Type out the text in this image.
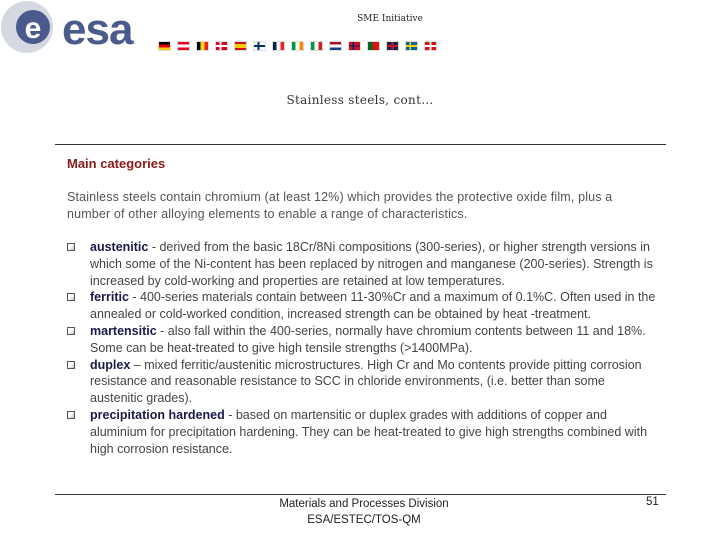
e esa	SME Initiative
Stainless steels, cont…
Main categories
Stainless steels contain chromium (at least 12%) which provides the protective oxide film, plus a number of other alloying elements to enable a range of characteristics.
austenitic - derived from the basic 18Cr/8Ni compositions (300-series), or higher strength versions in which some of the Ni-content has been replaced by nitrogen and manganese (200-series). Strength is increased by cold-working and properties are retained at low temperatures.
ferritic - 400-series materials contain between 11-30%Cr and a maximum of 0.1%C. Often used in the annealed or cold-worked condition, increased strength can be obtained by heat -treatment.
martensitic - also fall within the 400-series, normally have chromium contents between 11 and 18%. Some can be heat-treated to give high tensile strengths (>1400MPa).
duplex – mixed ferritic/austenitic microstructures. High Cr and Mo contents provide pitting corrosion resistance and reasonable resistance to SCC in chloride environments, (i.e. better than some austenitic grades).
precipitation hardened - based on martensitic or duplex grades with additions of copper and aluminium for precipitation hardening. They can be heat-treated to give high strengths combined with high corrosion resistance.
Materials and Processes Division
ESA/ESTEC/TOS-QM
51
